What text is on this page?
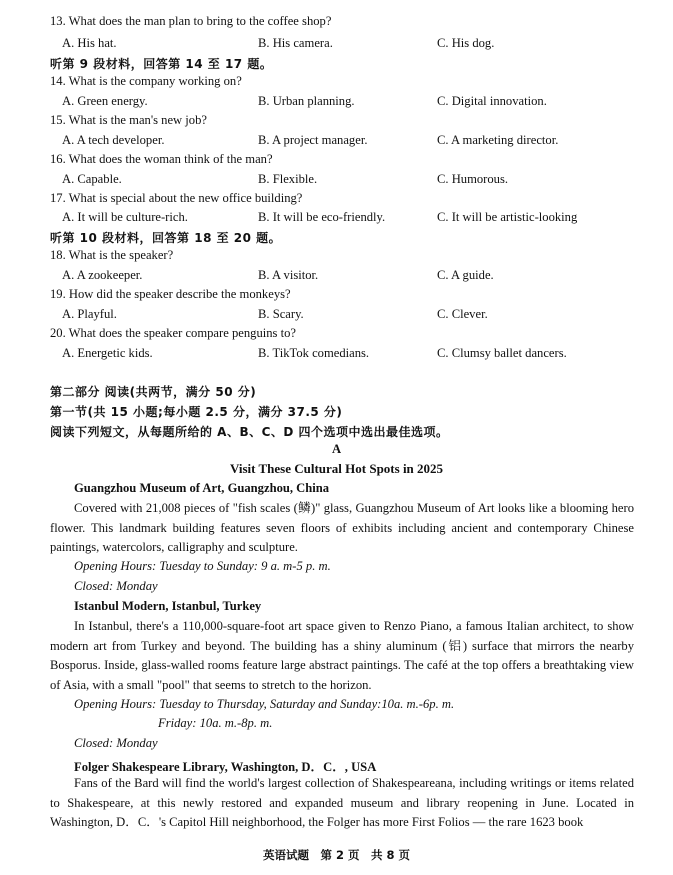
13. What does the man plan to bring to the coffee shop?
A. His hat.	B. His camera.	C. His dog.
听第 9 段材料，回答第 14 至 17 题。
14. What is the company working on?
A. Green energy.	B. Urban planning.	C. Digital innovation.
15. What is the man's new job?
A. A tech developer.	B. A project manager.	C. A marketing director.
16. What does the woman think of the man?
A. Capable.	B. Flexible.	C. Humorous.
17. What is special about the new office building?
A. It will be culture-rich.	B. It will be eco-friendly.	C. It will be artistic-looking
听第 10 段材料，回答第 18 至 20 题。
18. What is the speaker?
A. A zookeeper.	B. A visitor.	C. A guide.
19. How did the speaker describe the monkeys?
A. Playful.	B. Scary.	C. Clever.
20. What does the speaker compare penguins to?
A. Energetic kids.	B. TikTok comedians.	C. Clumsy ballet dancers.
第二部分 阅读(共两节，满分 50 分)
第一节(共 15 小题;每小题 2.5 分，满分 37.5 分)
阅读下列短文，从每题所给的 A、B、C、D 四个选项中选出最佳选项。
A
Visit These Cultural Hot Spots in 2025
Guangzhou Museum of Art, Guangzhou, China
Covered with 21,008 pieces of "fish scales (鳞)" glass, Guangzhou Museum of Art looks like a blooming hero flower. This landmark building features seven floors of exhibits including ancient and contemporary Chinese paintings, watercolors, calligraphy and sculpture.
Opening Hours: Tuesday to Sunday: 9 a. m-5 p. m.
Closed: Monday
Istanbul Modern, Istanbul, Turkey
In Istanbul, there's a 110,000-square-foot art space given to Renzo Piano, a famous Italian architect, to show modern art from Turkey and beyond. The building has a shiny aluminum (铝) surface that mirrors the nearby Bosporus. Inside, glass-walled rooms feature large abstract paintings. The café at the top offers a breathtaking view of Asia, with a small "pool" that seems to stretch to the horizon.
Opening Hours: Tuesday to Thursday, Saturday and Sunday:10a. m.-6p. m.
Friday: 10a. m.-8p. m.
Closed: Monday
Folger Shakespeare Library, Washington, D．C．, USA
Fans of the Bard will find the world's largest collection of Shakespeareana, including writings or items related to Shakespeare, at this newly restored and expanded museum and library reopening in June. Located in Washington, D．C．'s Capitol Hill neighborhood, the Folger has more First Folios — the rare 1623 book
英语试题　第 2 页　共 8 页
